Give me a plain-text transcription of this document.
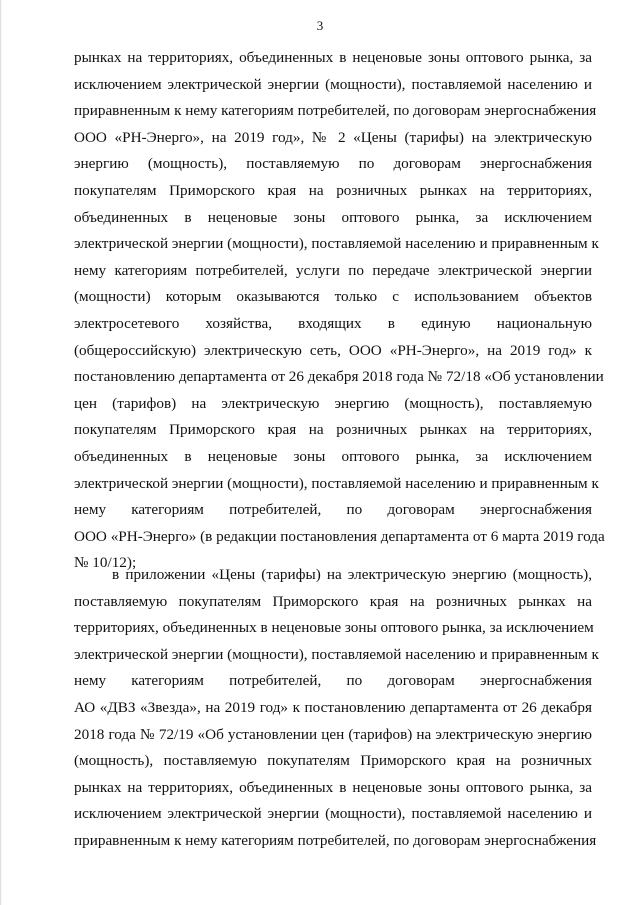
3
рынках на территориях, объединенных в неценовые зоны оптового рынка, за
исключением электрической энергии (мощности), поставляемой населению и
приравненным к нему категориям потребителей, по договорам энергоснабжения
ООО «РН-Энерго», на 2019 год», № 2 «Цены (тарифы) на электрическую
энергию (мощность), поставляемую по договорам энергоснабжения
покупателям Приморского края на розничных рынках на территориях,
объединенных в неценовые зоны оптового рынка, за исключением
электрической энергии (мощности), поставляемой населению и приравненным к
нему категориям потребителей, услуги по передаче электрической энергии
(мощности) которым оказываются только с использованием объектов
электросетевого хозяйства, входящих в единую национальную
(общероссийскую) электрическую сеть, ООО «РН-Энерго», на 2019 год» к
постановлению департамента от 26 декабря 2018 года № 72/18 «Об установлении
цен (тарифов) на электрическую энергию (мощность), поставляемую
покупателям Приморского края на розничных рынках на территориях,
объединенных в неценовые зоны оптового рынка, за исключением
электрической энергии (мощности), поставляемой населению и приравненным к
нему категориям потребителей, по договорам энергоснабжения
ООО «РН-Энерго» (в редакции постановления департамента от 6 марта 2019 года
№ 10/12);
в приложении «Цены (тарифы) на электрическую энергию (мощность),
поставляемую покупателям Приморского края на розничных рынках на
территориях, объединенных в неценовые зоны оптового рынка, за исключением
электрической энергии (мощности), поставляемой населению и приравненным к
нему категориям потребителей, по договорам энергоснабжения
АО «ДВЗ «Звезда», на 2019 год» к постановлению департамента от 26 декабря
2018 года № 72/19 «Об установлении цен (тарифов) на электрическую энергию
(мощность), поставляемую покупателям Приморского края на розничных
рынках на территориях, объединенных в неценовые зоны оптового рынка, за
исключением электрической энергии (мощности), поставляемой населению и
приравненным к нему категориям потребителей, по договорам энергоснабжения
